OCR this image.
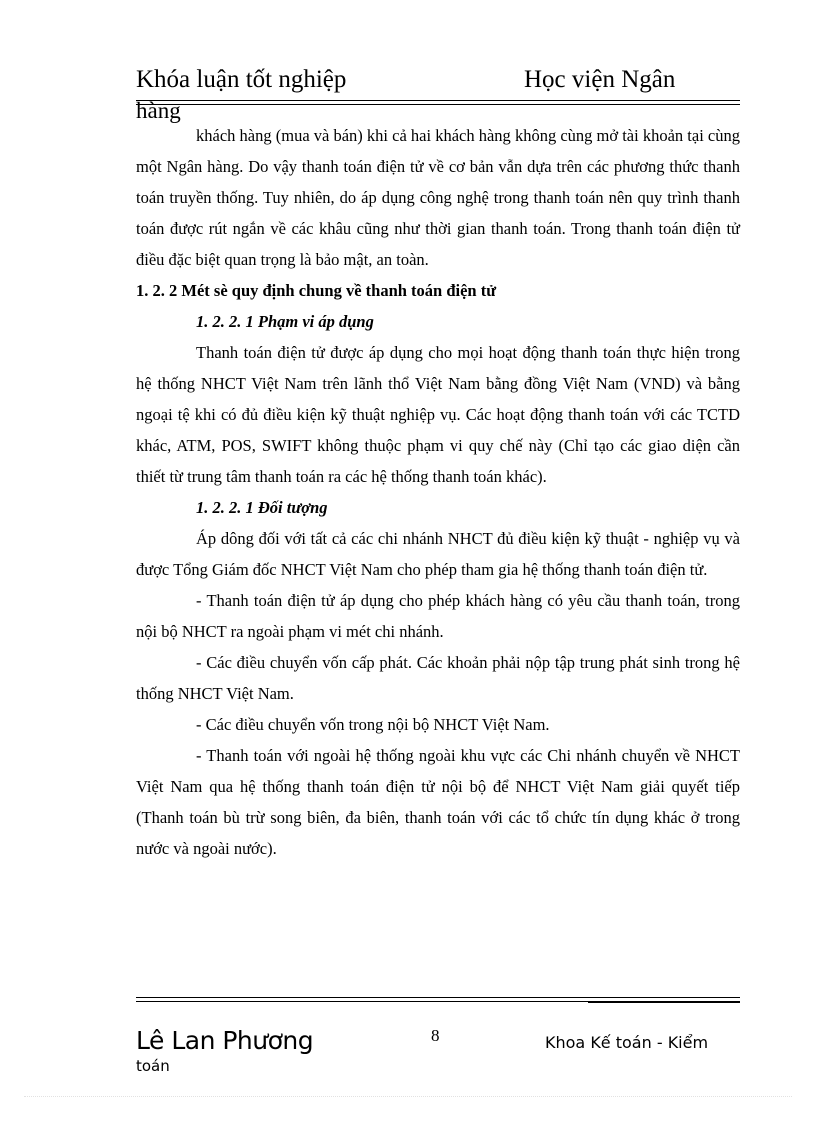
Khóa luận tốt nghiệp	Học viện Ngân
hàng

khách hàng (mua và bán) khi cả hai khách hàng không cùng mở tài khoản tại cùng một Ngân hàng. Do vậy thanh toán điện tử về cơ bản vẫn dựa trên các phương thức thanh toán truyền thống. Tuy nhiên, do áp dụng công nghệ trong thanh toán nên quy trình thanh toán được rút ngắn về các khâu cũng như thời gian thanh toán. Trong thanh toán điện tử điều đặc biệt quan trọng là bảo mật, an toàn.

1. 2. 2 Mét sè quy định chung về thanh toán điện tử

1. 2. 2. 1 Phạm vi áp dụng

Thanh toán điện tử được áp dụng cho mọi hoạt động thanh toán thực hiện trong hệ thống NHCT Việt Nam trên lãnh thổ Việt Nam bằng đồng Việt Nam (VND) và bằng ngoại tệ khi có đủ điều kiện kỹ thuật nghiệp vụ. Các hoạt động thanh toán với các TCTD khác, ATM, POS, SWIFT không thuộc phạm vi quy chế này (Chỉ tạo các giao diện cần thiết từ trung tâm thanh toán ra các hệ thống thanh toán khác).

1. 2. 2. 1 Đối tượng

Áp dông đối với tất cả các chi nhánh NHCT đủ điều kiện kỹ thuật - nghiệp vụ và được Tổng Giám đốc NHCT Việt Nam cho phép tham gia hệ thống thanh toán điện tử.

- Thanh toán điện tử áp dụng cho phép khách hàng có yêu cầu thanh toán, trong nội bộ NHCT ra ngoài phạm vi mét chi nhánh.

- Các điều chuyển vốn cấp phát. Các khoản phải nộp tập trung phát sinh trong hệ thống NHCT Việt Nam.

- Các điều chuyển vốn trong nội bộ NHCT Việt Nam.

- Thanh toán với ngoài hệ thống ngoài khu vực các Chi nhánh chuyển về NHCT Việt Nam qua hệ thống thanh toán điện tử nội bộ để NHCT Việt Nam giải quyết tiếp (Thanh toán bù trừ song biên, đa biên, thanh toán với các tổ chức tín dụng khác ở trong nước và ngoài nước).

Lê Lan Phương	8	Khoa Kế toán - Kiểm
toán
